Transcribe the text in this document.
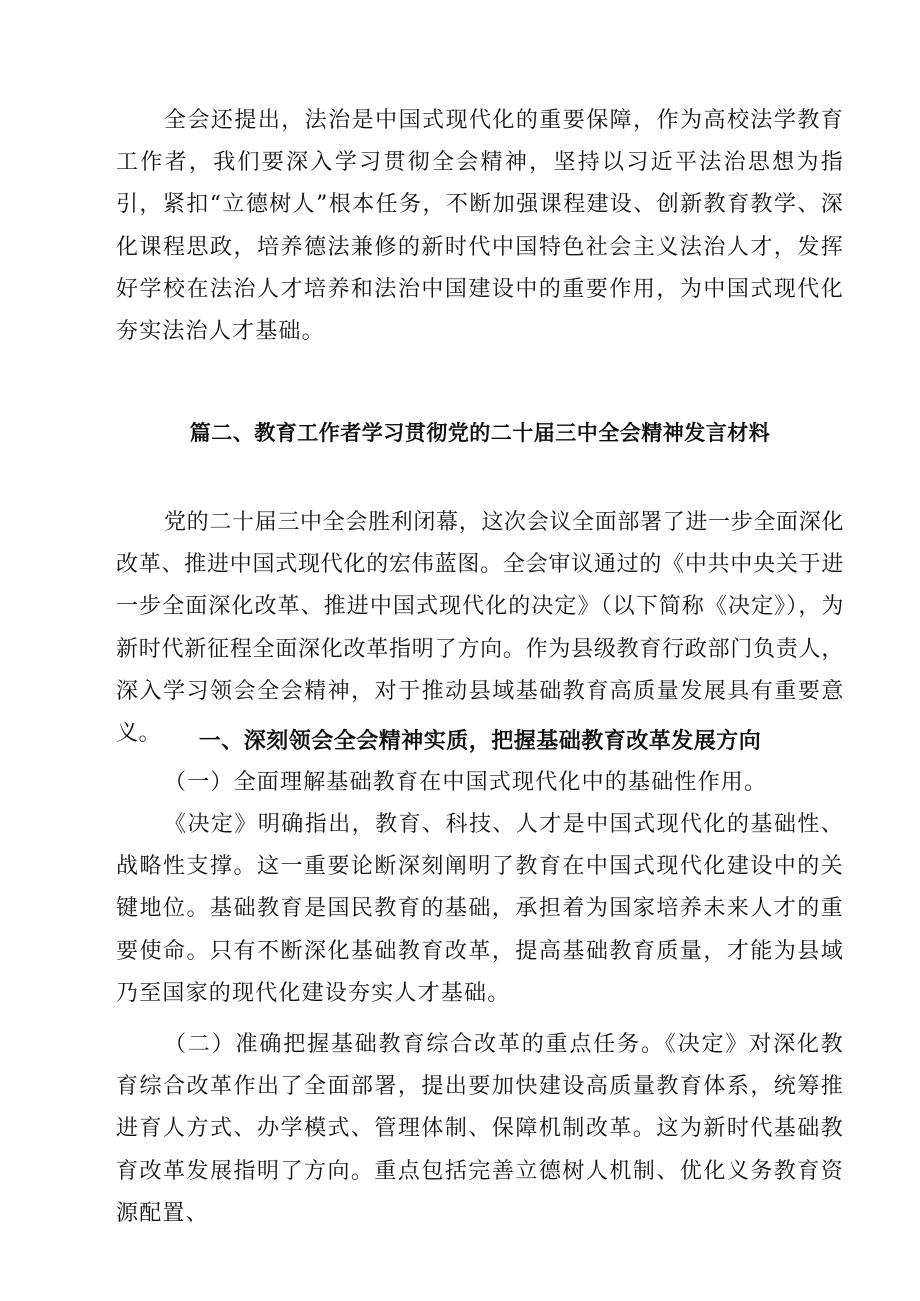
全会还提出，法治是中国式现代化的重要保障，作为高校法学教育工作者，我们要深入学习贯彻全会精神，坚持以习近平法治思想为指引，紧扣“立德树人”根本任务，不断加强课程建设、创新教育教学、深化课程思政，培养德法兼修的新时代中国特色社会主义法治人才，发挥好学校在法治人才培养和法治中国建设中的重要作用，为中国式现代化夯实法治人才基础。

篇二、教育工作者学习贯彻党的二十届三中全会精神发言材料

党的二十届三中全会胜利闭幕，这次会议全面部署了进一步全面深化改革、推进中国式现代化的宏伟蓝图。全会审议通过的《中共中央关于进一步全面深化改革、推进中国式现代化的决定》（以下简称《决定》），为新时代新征程全面深化改革指明了方向。作为县级教育行政部门负责人，深入学习领会全会精神，对于推动县域基础教育高质量发展具有重要意义。	一、深刻领会全会精神实质，把握基础教育改革发展方向

（一）全面理解基础教育在中国式现代化中的基础性作用。

《决定》明确指出，教育、科技、人才是中国式现代化的基础性、战略性支撑。这一重要论断深刻阐明了教育在中国式现代化建设中的关键地位。基础教育是国民教育的基础，承担着为国家培养未来人才的重要使命。只有不断深化基础教育改革，提高基础教育质量，才能为县域乃至国家的现代化建设夯实人才基础。

（二）准确把握基础教育综合改革的重点任务。《决定》对深化教育综合改革作出了全面部署，提出要加快建设高质量教育体系，统筹推进育人方式、办学模式、管理体制、保障机制改革。这为新时代基础教育改革发展指明了方向。重点包括完善立德树人机制、优化义务教育资源配置、
